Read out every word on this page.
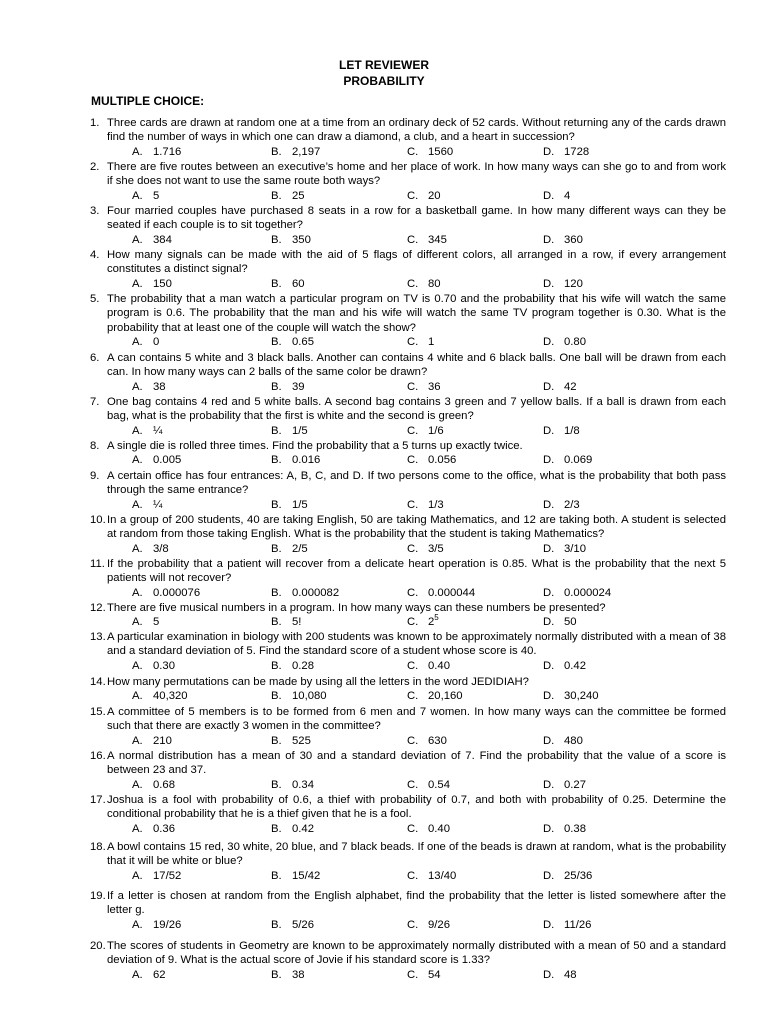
LET REVIEWER
PROBABILITY
MULTIPLE CHOICE:
1. Three cards are drawn at random one at a time from an ordinary deck of 52 cards. Without returning any of the cards drawn find the number of ways in which one can draw a diamond, a club, and a heart in succession?
A. 1.716	B. 2,197	C. 1560	D. 1728
2. There are five routes between an executive’s home and her place of work. In how many ways can she go to and from work if she does not want to use the same route both ways?
A. 5	B. 25	C. 20	D. 4
3. Four married couples have purchased 8 seats in a row for a basketball game. In how many different ways can they be seated if each couple is to sit together?
A. 384	B. 350	C. 345	D. 360
4. How many signals can be made with the aid of 5 flags of different colors, all arranged in a row, if every arrangement constitutes a distinct signal?
A. 150	B. 60	C. 80	D. 120
5. The probability that a man watch a particular program on TV is 0.70 and the probability that his wife will watch the same program is 0.6. The probability that the man and his wife will watch the same TV program together is 0.30. What is the probability that at least one of the couple will watch the show?
A. 0	B. 0.65	C. 1	D. 0.80
6. A can contains 5 white and 3 black balls. Another can contains 4 white and 6 black balls. One ball will be drawn from each can. In how many ways can 2 balls of the same color be drawn?
A. 38	B. 39	C. 36	D. 42
7. One bag contains 4 red and 5 white balls. A second bag contains 3 green and 7 yellow balls. If a ball is drawn from each bag, what is the probability that the first is white and the second is green?
A. ¼	B. 1/5	C. 1/6	D. 1/8
8. A single die is rolled three times. Find the probability that a 5 turns up exactly twice.
A. 0.005	B. 0.016	C. 0.056	D. 0.069
9. A certain office has four entrances: A, B, C, and D. If two persons come to the office, what is the probability that both pass through the same entrance?
A. ¼	B. 1/5	C. 1/3	D. 2/3
10. In a group of 200 students, 40 are taking English, 50 are taking Mathematics, and 12 are taking both. A student is selected at random from those taking English. What is the probability that the student is taking Mathematics?
A. 3/8	B. 2/5	C. 3/5	D. 3/10
11. If the probability that a patient will recover from a delicate heart operation is 0.85. What is the probability that the next 5 patients will not recover?
A. 0.000076	B. 0.000082	C. 0.000044	D. 0.000024
12. There are five musical numbers in a program. In how many ways can these numbers be presented?
A. 5	B. 5!	C. $2^5$	D. 50
13. A particular examination in biology with 200 students was known to be approximately normally distributed with a mean of 38 and a standard deviation of 5. Find the standard score of a student whose score is 40.
A. 0.30	B. 0.28	C. 0.40	D. 0.42
14. How many permutations can be made by using all the letters in the word JEDIDIAH?
A. 40,320	B. 10,080	C. 20,160	D. 30,240
15. A committee of 5 members is to be formed from 6 men and 7 women. In how many ways can the committee be formed such that there are exactly 3 women in the committee?
A. 210	B. 525	C. 630	D. 480
16. A normal distribution has a mean of 30 and a standard deviation of 7. Find the probability that the value of a score is between 23 and 37.
A. 0.68	B. 0.34	C. 0.54	D. 0.27
17. Joshua is a fool with probability of 0.6, a thief with probability of 0.7, and both with probability of 0.25. Determine the conditional probability that he is a thief given that he is a fool.
A. 0.36	B. 0.42	C. 0.40	D. 0.38
18. A bowl contains 15 red, 30 white, 20 blue, and 7 black beads. If one of the beads is drawn at random, what is the probability that it will be white or blue?
A. 17/52	B. 15/42	C. 13/40	D. 25/36
19. If a letter is chosen at random from the English alphabet, find the probability that the letter is listed somewhere after the letter g.
A. 19/26	B. 5/26	C. 9/26	D. 11/26
20. The scores of students in Geometry are known to be approximately normally distributed with a mean of 50 and a standard deviation of 9. What is the actual score of Jovie if his standard score is 1.33?
A. 62	B. 38	C. 54	D. 48
